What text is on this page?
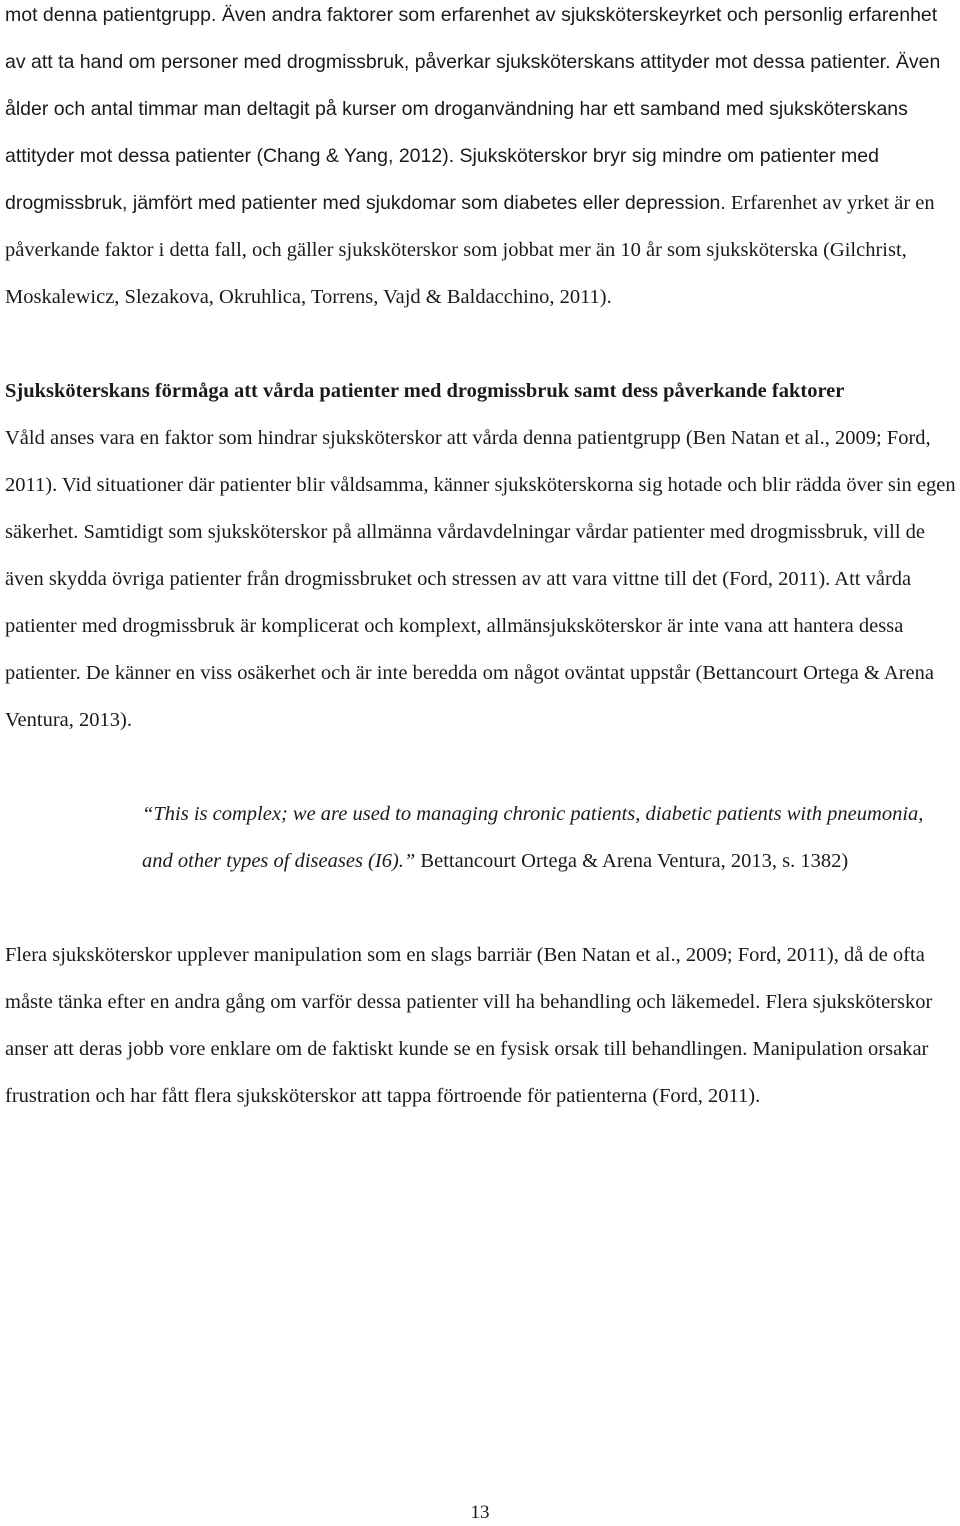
mot denna patientgrupp. Även andra faktorer som erfarenhet av sjuksköterskeyrket och personlig erfarenhet av att ta hand om personer med drogmissbruk, påverkar sjuksköterskans attityder mot dessa patienter. Även ålder och antal timmar man deltagit på kurser om droganvändning har ett samband med sjuksköterskans attityder mot dessa patienter (Chang & Yang, 2012). Sjuksköterskor bryr sig mindre om patienter med drogmissbruk, jämfört med patienter med sjukdomar som diabetes eller depression. Erfarenhet av yrket är en påverkande faktor i detta fall, och gäller sjuksköterskor som jobbat mer än 10 år som sjuksköterska (Gilchrist, Moskalewicz, Slezakova, Okruhlica, Torrens, Vajd & Baldacchino, 2011).

Sjuksköterskans förmåga att vårda patienter med drogmissbruk samt dess påverkande faktorer

Våld anses vara en faktor som hindrar sjuksköterskor att vårda denna patientgrupp (Ben Natan et al., 2009; Ford, 2011). Vid situationer där patienter blir våldsamma, känner sjuksköterskorna sig hotade och blir rädda över sin egen säkerhet. Samtidigt som sjuksköterskor på allmänna vårdavdelningar vårdar patienter med drogmissbruk, vill de även skydda övriga patienter från drogmissbruket och stressen av att vara vittne till det (Ford, 2011). Att vårda patienter med drogmissbruk är komplicerat och komplext, allmänsjuksköterskor är inte vana att hantera dessa patienter. De känner en viss osäkerhet och är inte beredda om något oväntat uppstår (Bettancourt Ortega & Arena Ventura, 2013).

“This is complex; we are used to managing chronic patients, diabetic patients with pneumonia, and other types of diseases (I6).” Bettancourt Ortega & Arena Ventura, 2013, s. 1382)

Flera sjuksköterskor upplever manipulation som en slags barriär (Ben Natan et al., 2009; Ford, 2011), då de ofta måste tänka efter en andra gång om varför dessa patienter vill ha behandling och läkemedel. Flera sjuksköterskor anser att deras jobb vore enklare om de faktiskt kunde se en fysisk orsak till behandlingen. Manipulation orsakar frustration och har fått flera sjuksköterskor att tappa förtroende för patienterna (Ford, 2011).

13
